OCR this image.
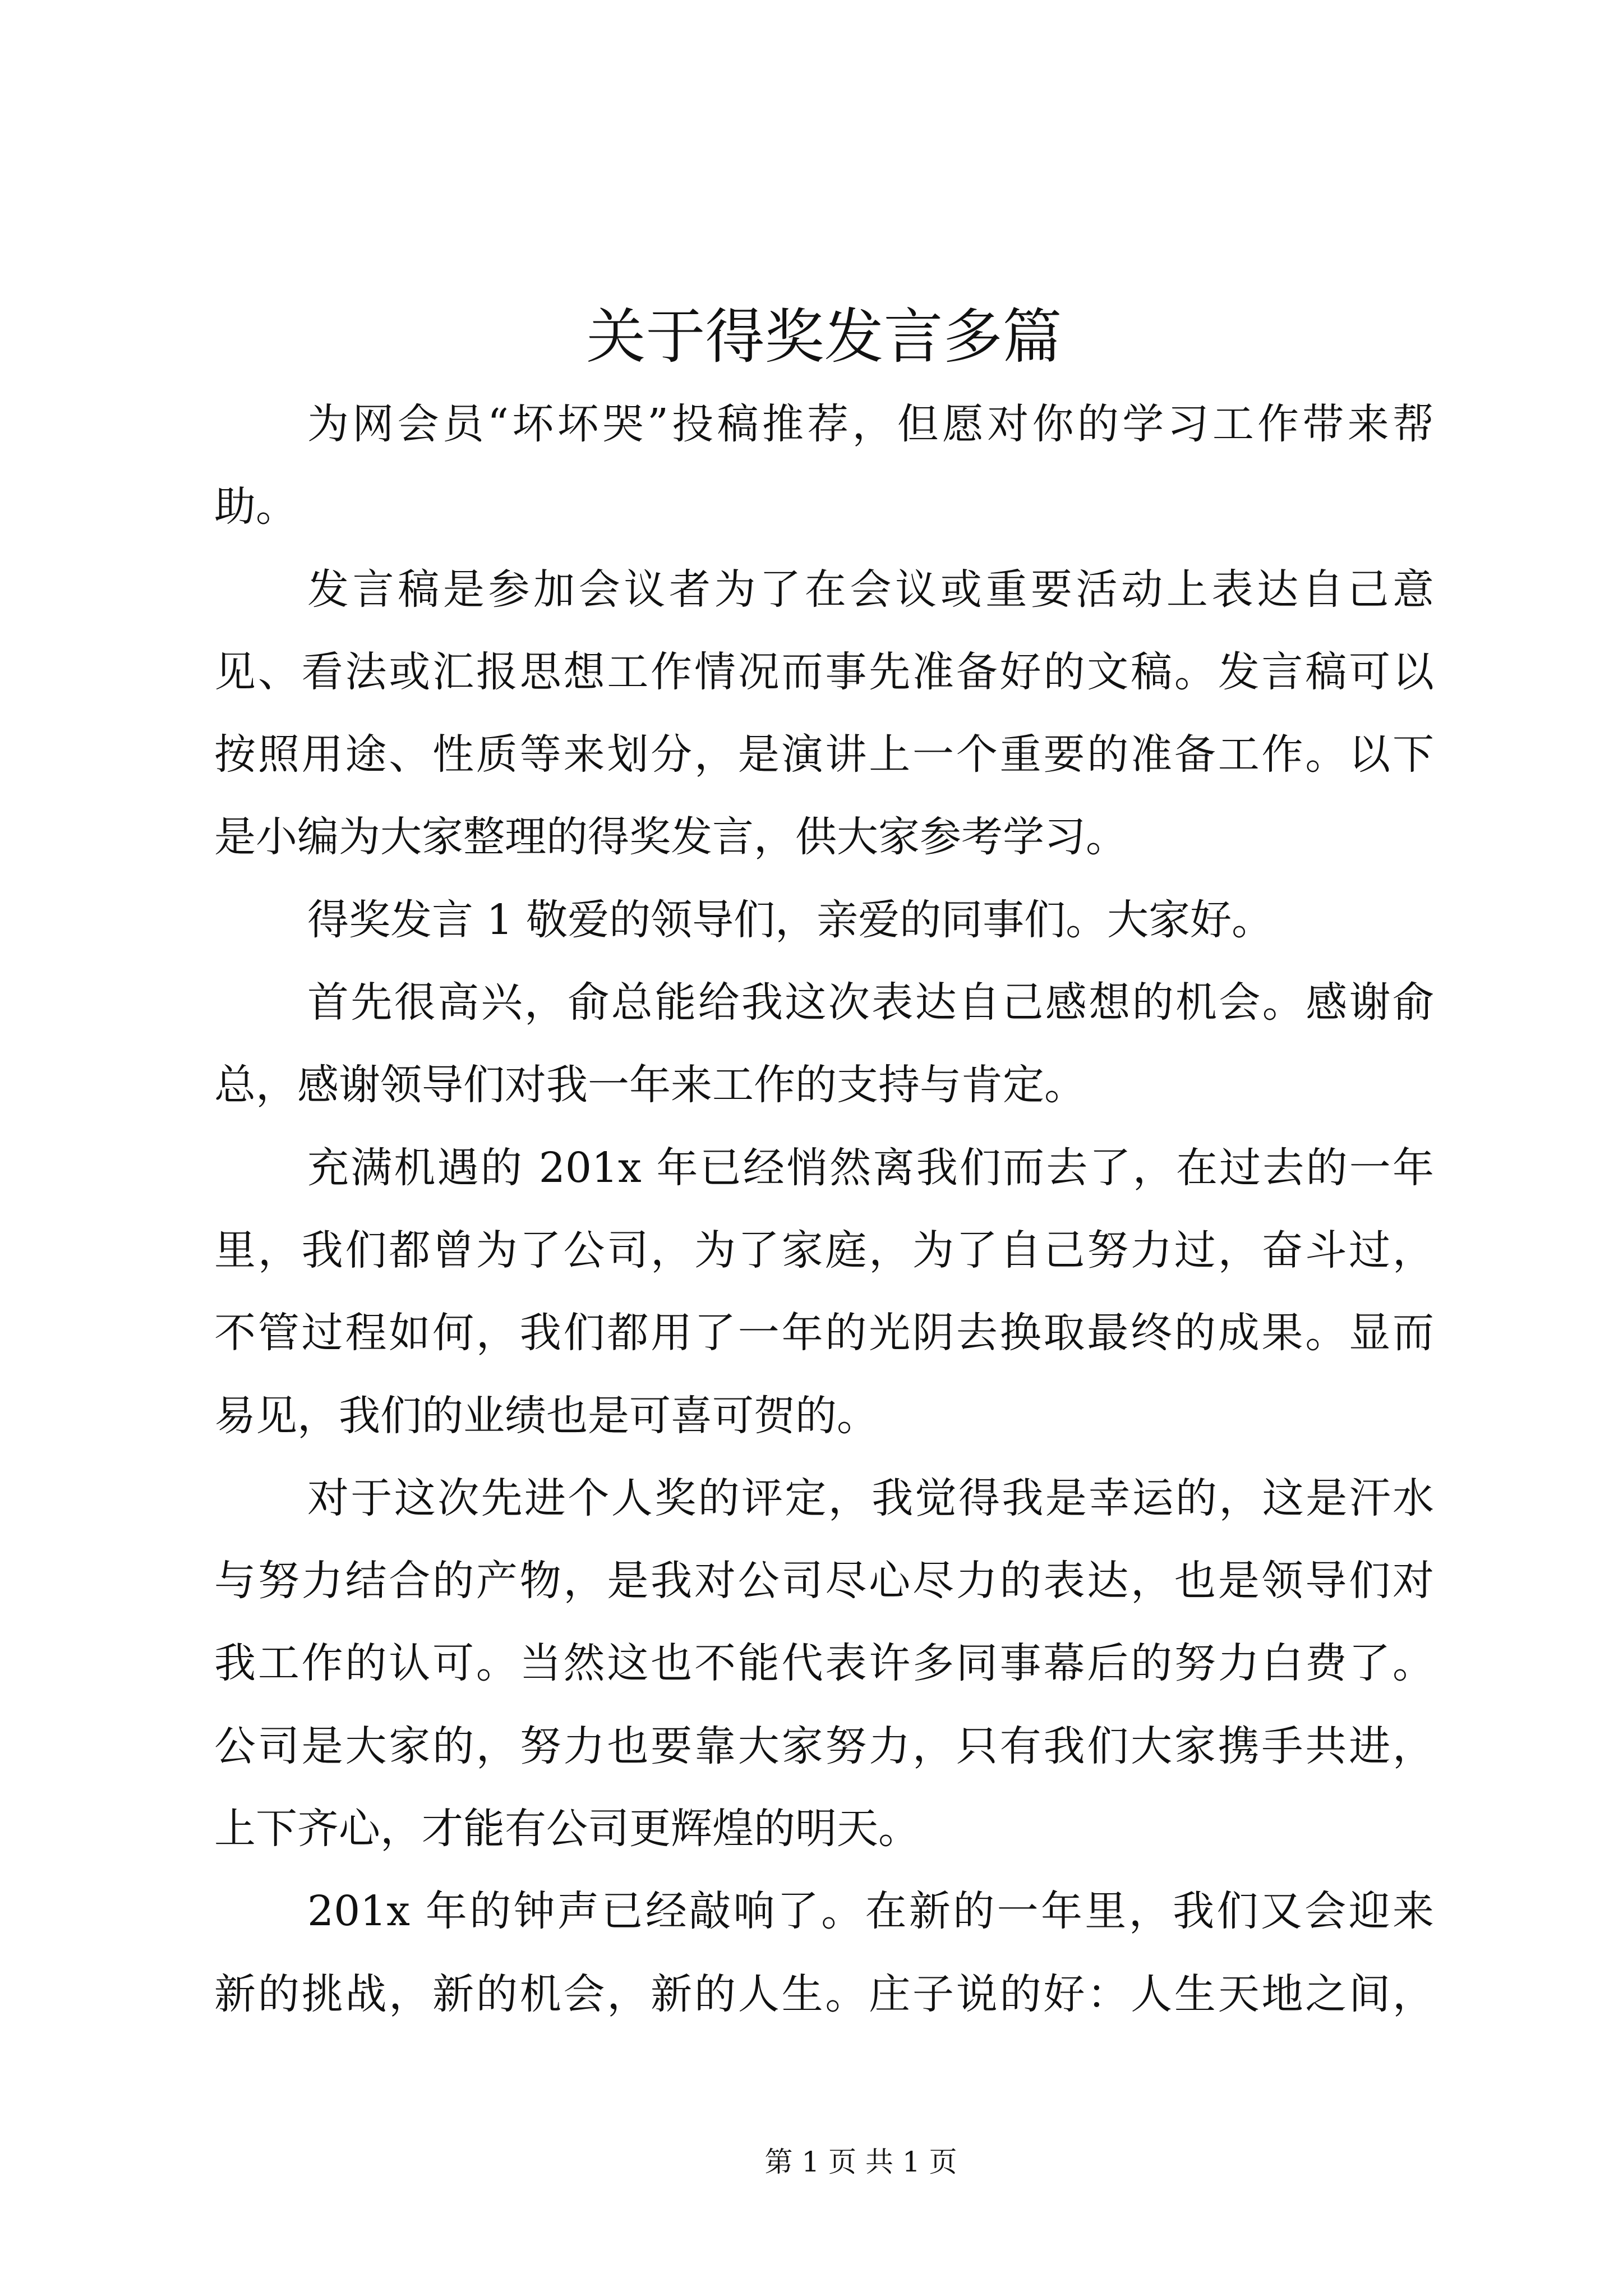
关于得奖发言多篇
为网会员“坏坏哭”投稿推荐，但愿对你的学习工作带来帮
助。
发言稿是参加会议者为了在会议或重要活动上表达自己意
见、看法或汇报思想工作情况而事先准备好的文稿。发言稿可以
按照用途、性质等来划分，是演讲上一个重要的准备工作。以下
是小编为大家整理的得奖发言，供大家参考学习。
得奖发言 1 敬爱的领导们，亲爱的同事们。大家好。
首先很高兴，俞总能给我这次表达自己感想的机会。感谢俞
总，感谢领导们对我一年来工作的支持与肯定。
充满机遇的 201x 年已经悄然离我们而去了，在过去的一年
里，我们都曾为了公司，为了家庭，为了自己努力过，奋斗过，
不管过程如何，我们都用了一年的光阴去换取最终的成果。显而
易见，我们的业绩也是可喜可贺的。
对于这次先进个人奖的评定，我觉得我是幸运的，这是汗水
与努力结合的产物，是我对公司尽心尽力的表达，也是领导们对
我工作的认可。当然这也不能代表许多同事幕后的努力白费了。
公司是大家的，努力也要靠大家努力，只有我们大家携手共进，
上下齐心，才能有公司更辉煌的明天。
201x 年的钟声已经敲响了。在新的一年里，我们又会迎来
新的挑战，新的机会，新的人生。庄子说的好：人生天地之间，
第 1 页 共 1 页
